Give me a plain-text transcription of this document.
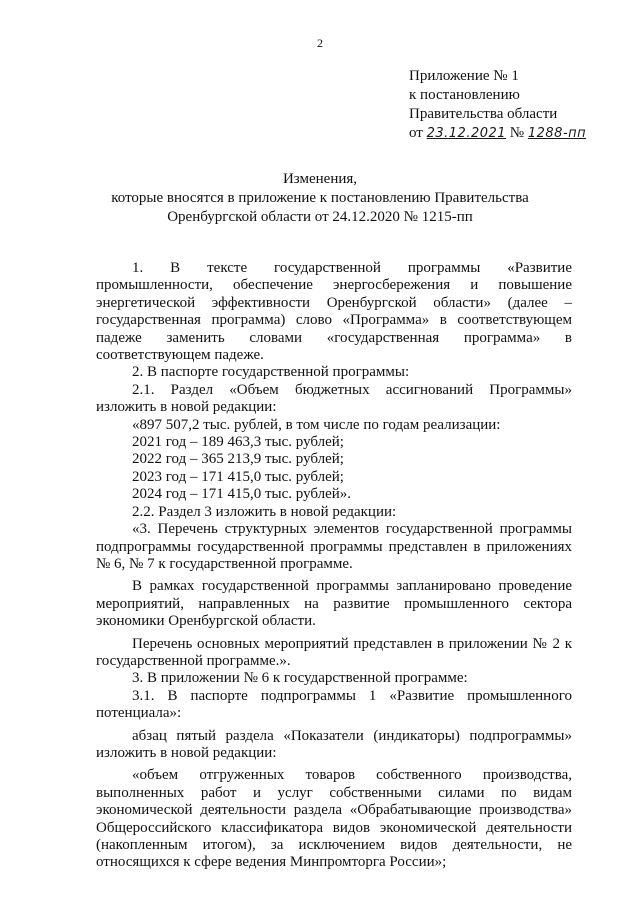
2
Приложение № 1
к постановлению
Правительства области
от 23.12.2021 № 1288-пп
Изменения,
которые вносятся в приложение к постановлению Правительства
Оренбургской области от 24.12.2020 № 1215-пп

1. В тексте государственной программы «Развитие промышленности, обеспечение энергосбережения и повышение энергетической эффективности Оренбургской области» (далее – государственная программа) слово «Программа» в соответствующем падеже заменить словами «государственная программа» в соответствующем падеже.

2. В паспорте государственной программы:

2.1. Раздел «Объем бюджетных ассигнований Программы» изложить в новой редакции:

«897 507,2 тыс. рублей, в том числе по годам реализации:

2021 год – 189 463,3 тыс. рублей;

2022 год – 365 213,9 тыс. рублей;

2023 год – 171 415,0 тыс. рублей;

2024 год – 171 415,0 тыс. рублей».

2.2. Раздел 3 изложить в новой редакции:

«3. Перечень структурных элементов государственной программы подпрограммы государственной программы представлен в приложениях № 6, № 7 к государственной программе.

В рамках государственной программы запланировано проведение мероприятий, направленных на развитие промышленного сектора экономики Оренбургской области.

Перечень основных мероприятий представлен в приложении № 2 к государственной программе.».

3. В приложении № 6 к государственной программе:

3.1. В паспорте подпрограммы 1 «Развитие промышленного потенциала»:

абзац пятый раздела «Показатели (индикаторы) подпрограммы» изложить в новой редакции:

«объем отгруженных товаров собственного производства, выполненных работ и услуг собственными силами по видам экономической деятельности раздела «Обрабатывающие производства» Общероссийского классификатора видов экономической деятельности (накопленным итогом), за исключением видов деятельности, не относящихся к сфере ведения Минпромторга России»;
